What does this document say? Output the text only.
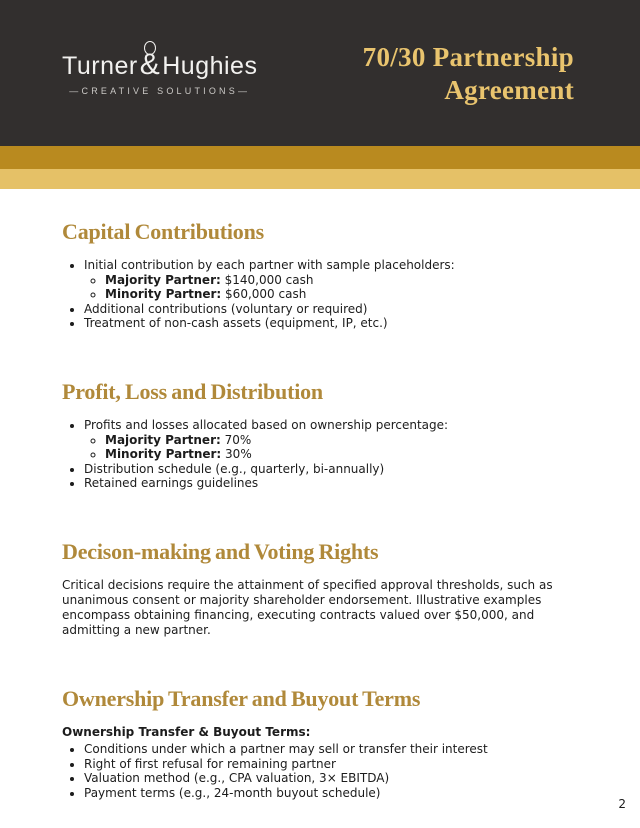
Turner&Hughies
—CREATIVE SOLUTIONS—
70/30 Partnership
Agreement
Capital Contributions
• Initial contribution by each partner with sample placeholders:
◦ Majority Partner: $140,000 cash
◦ Minority Partner: $60,000 cash
• Additional contributions (voluntary or required)
• Treatment of non-cash assets (equipment, IP, etc.)
Profit, Loss and Distribution
• Profits and losses allocated based on ownership percentage:
◦ Majority Partner: 70%
◦ Minority Partner: 30%
• Distribution schedule (e.g., quarterly, bi-annually)
• Retained earnings guidelines
Decison-making and Voting Rights

Critical decisions require the attainment of specified approval thresholds, such as unanimous consent or majority shareholder endorsement. Illustrative examples encompass obtaining financing, executing contracts valued over $50,000, and admitting a new partner.

Ownership Transfer and Buyout Terms

Ownership Transfer & Buyout Terms:

• Conditions under which a partner may sell or transfer their interest
• Right of first refusal for remaining partner
• Valuation method (e.g., CPA valuation, 3× EBITDA)
• Payment terms (e.g., 24-month buyout schedule)
2
